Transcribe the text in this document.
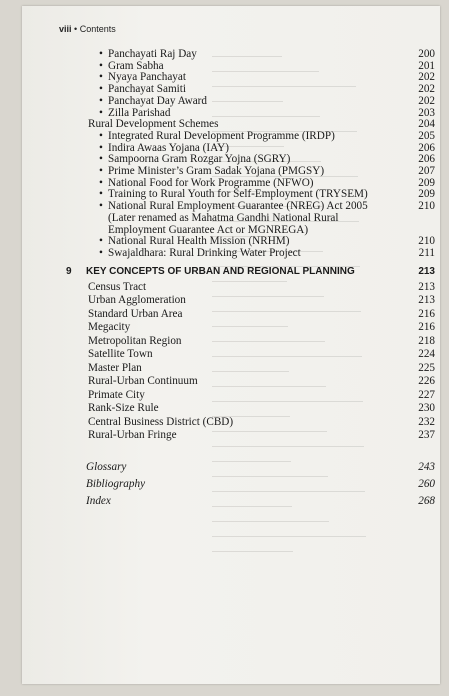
viii • Contents
• Panchayati Raj Day	200
• Gram Sabha	201
• Nyaya Panchayat	202
• Panchayat Samiti	202
• Panchayat Day Award	202
• Zilla Parishad	203
Rural Development Schemes	204
• Integrated Rural Development Programme (IRDP)	205
• Indira Awaas Yojana (IAY)	206
• Sampoorna Gram Rozgar Yojna (SGRY)	206
• Prime Minister’s Gram Sadak Yojana (PMGSY)	207
• National Food for Work Programme (NFWO)	209
• Training to Rural Youth for Self-Employment (TRYSEM)	209
• National Rural Employment Guarantee (NREG) Act 2005	210
(Later renamed as Mahatma Gandhi National Rural
Employment Guarantee Act or MGNREGA)
• National Rural Health Mission (NRHM)	210
• Swajaldhara: Rural Drinking Water Project	211
9 KEY CONCEPTS OF URBAN AND REGIONAL PLANNING	213
Census Tract	213
Urban Agglomeration	213
Standard Urban Area	216
Megacity	216
Metropolitan Region	218
Satellite Town	224
Master Plan	225
Rural-Urban Continuum	226
Primate City	227
Rank-Size Rule	230
Central Business District (CBD)	232
Rural-Urban Fringe	237
Glossary	243
Bibliography	260
Index	268
